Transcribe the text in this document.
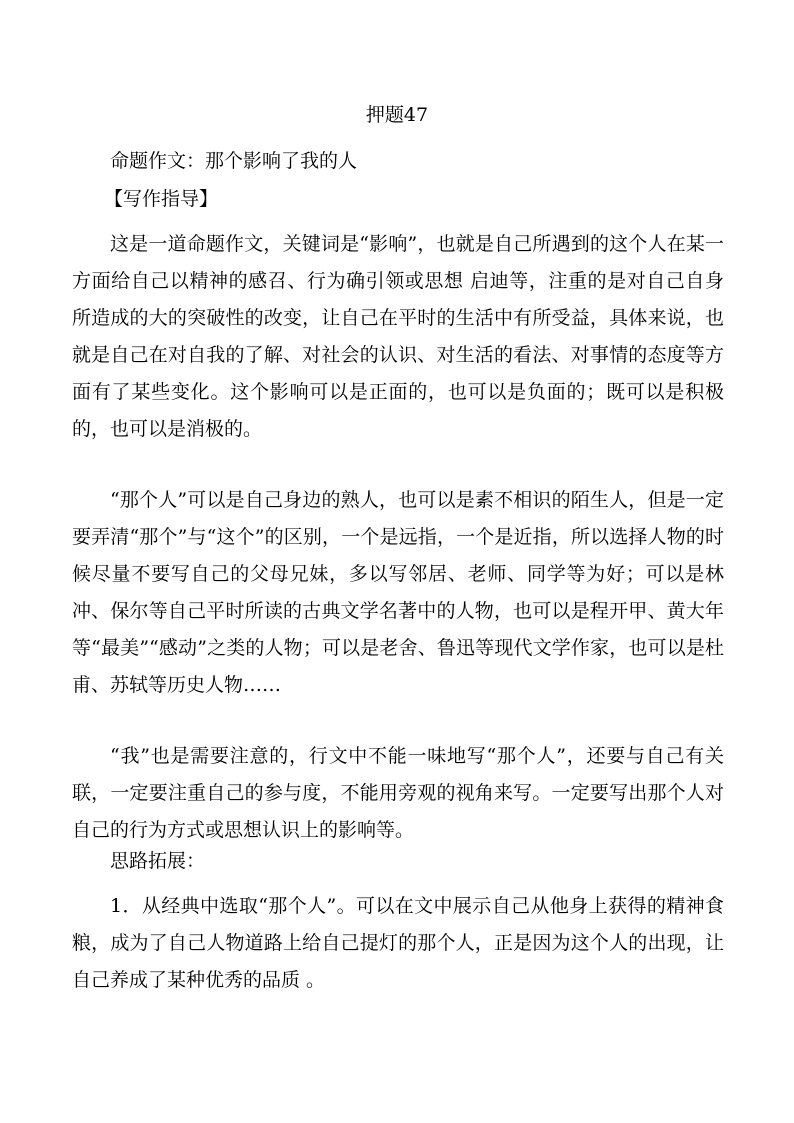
押题47
命题作文：那个影响了我的人
【写作指导】

这是一道命题作文，关键词是“影响”，也就是自己所遇到的这个人在某一方面给自己以精神的感召、行为确引领或思想 启迪等，注重的是对自己自身所造成的大的突破性的改变，让自己在平时的生活中有所受益，具体来说，也就是自己在对自我的了解、对社会的认识、对生活的看法、对事情的态度等方面有了某些变化。这个影响可以是正面的，也可以是负面的；既可以是积极的，也可以是消极的。

“那个人”可以是自己身边的熟人，也可以是素不相识的陌生人，但是一定要弄清“那个”与“这个”的区别，一个是远指，一个是近指，所以选择人物的时候尽量不要写自己的父母兄妹，多以写邻居、老师、同学等为好；可以是林冲、保尔等自己平时所读的古典文学名著中的人物，也可以是程开甲、黄大年等“最美”“感动”之类的人物；可以是老舍、鲁迅等现代文学作家，也可以是杜甫、苏轼等历史人物……

“我”也是需要注意的，行文中不能一味地写“那个人”，还要与自己有关联，一定要注重自己的参与度，不能用旁观的视角来写。一定要写出那个人对自己的行为方式或思想认识上的影响等。

思路拓展：

1．从经典中选取“那个人”。可以在文中展示自己从他身上获得的精神食粮，成为了自己人物道路上给自己提灯的那个人，正是因为这个人的出现，让自己养成了某种优秀的品质 。
